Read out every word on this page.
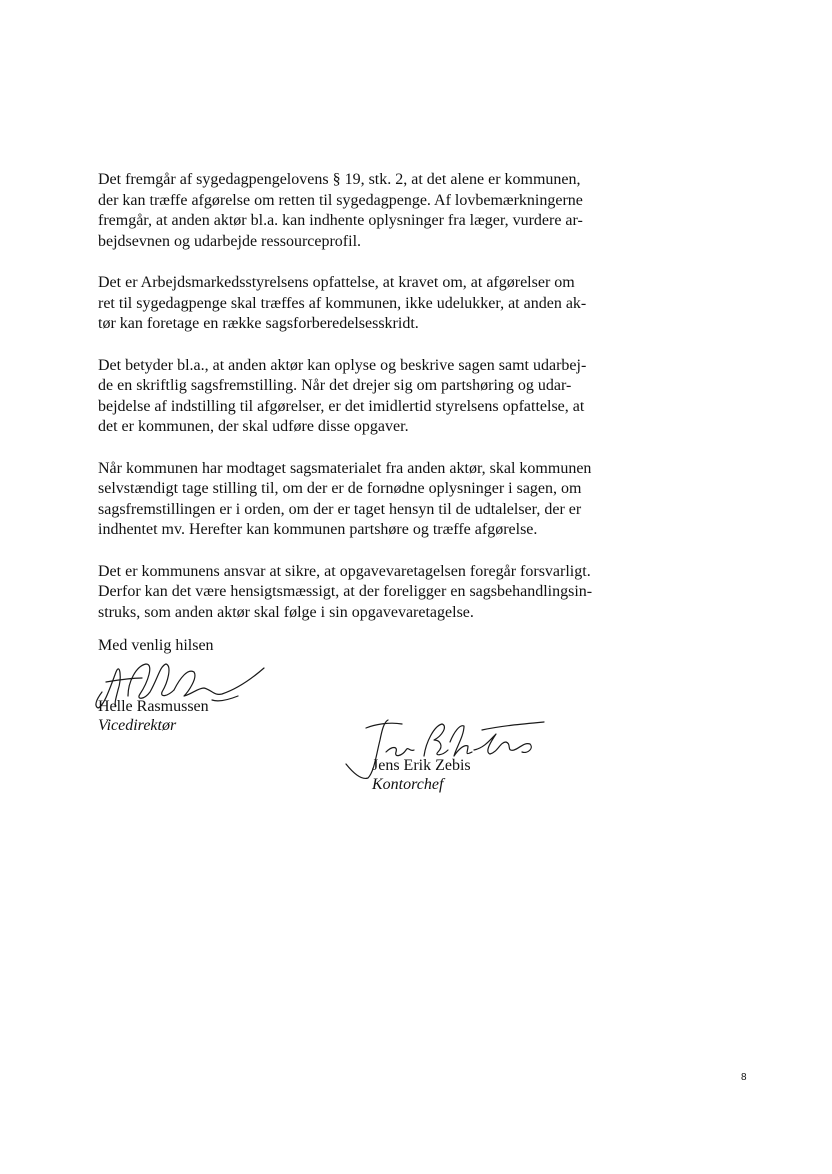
Det fremgår af sygedagpengelovens § 19, stk. 2, at det alene er kommunen,
der kan træffe afgørelse om retten til sygedagpenge. Af lovbemærkningerne
fremgår, at anden aktør bl.a. kan indhente oplysninger fra læger, vurdere ar-
bejdsevnen og udarbejde ressourceprofil.

Det er Arbejdsmarkedsstyrelsens opfattelse, at kravet om, at afgørelser om
ret til sygedagpenge skal træffes af kommunen, ikke udelukker, at anden ak-
tør kan foretage en række sagsforberedelsesskridt.

Det betyder bl.a., at anden aktør kan oplyse og beskrive sagen samt udarbej-
de en skriftlig sagsfremstilling. Når det drejer sig om partshøring og udar-
bejdelse af indstilling til afgørelser, er det imidlertid styrelsens opfattelse, at
det er kommunen, der skal udføre disse opgaver.

Når kommunen har modtaget sagsmaterialet fra anden aktør, skal kommunen
selvstændigt tage stilling til, om der er de fornødne oplysninger i sagen, om
sagsfremstillingen er i orden, om der er taget hensyn til de udtalelser, der er
indhentet mv. Herefter kan kommunen partshøre og træffe afgørelse.

Det er kommunens ansvar at sikre, at opgavevaretagelsen foregår forsvarligt.
Derfor kan det være hensigtsmæssigt, at der foreligger en sagsbehandlingsin-
struks, som anden aktør skal følge i sin opgavevaretagelse.

Med venlig hilsen
Helle Rasmussen
Vicedirektør
Jens Erik Zebis
Kontorchef
8
